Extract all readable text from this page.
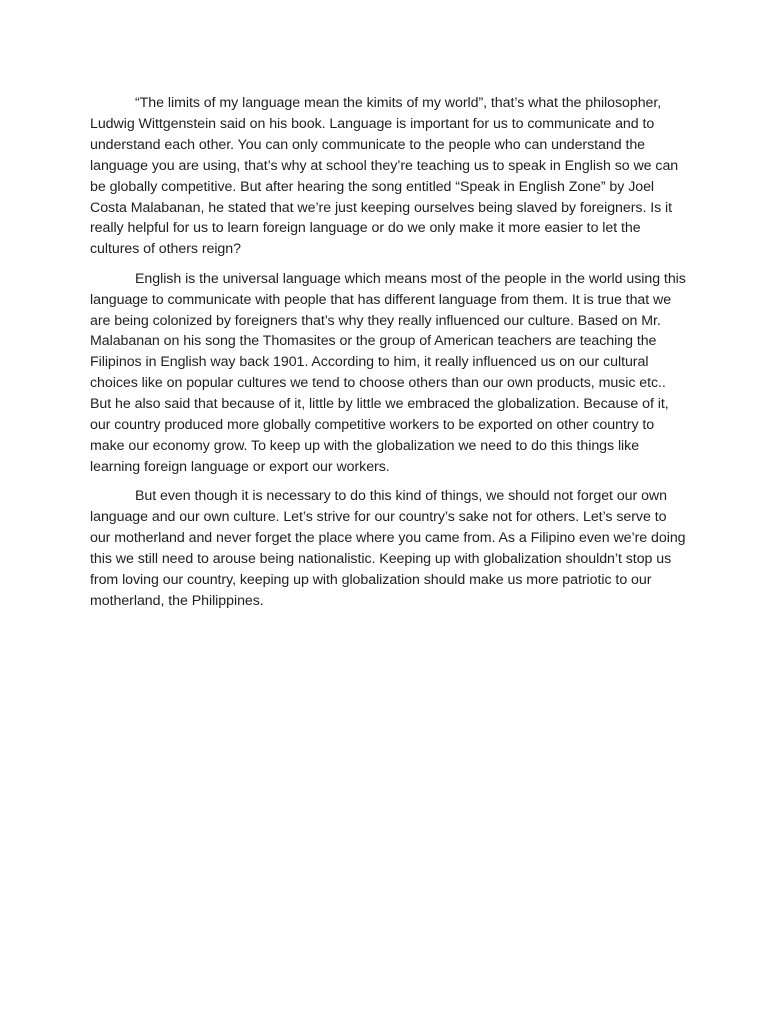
“The limits of my language mean the kimits of my world”, that’s what the philosopher, Ludwig Wittgenstein said on his book. Language is important for us to communicate and to understand each other. You can only communicate to the people who can understand the language you are using, that’s why at school they’re teaching us to speak in English so we can be globally competitive. But after hearing the song entitled “Speak in English Zone” by Joel Costa Malabanan, he stated that we’re just keeping ourselves being slaved by foreigners. Is it really helpful for us to learn foreign language or do we only make it more easier to let the cultures of others reign?

English is the universal language which means most of the people in the world using this language to communicate with people that has different language from them. It is true that we are being colonized by foreigners that’s why they really influenced our culture. Based on Mr. Malabanan on his song the Thomasites or the group of American teachers are teaching the Filipinos in English way back 1901. According to him, it really influenced us on our cultural choices like on popular cultures we tend to choose others than our own products, music etc.. But he also said that because of it, little by little we embraced the globalization. Because of it, our country produced more globally competitive workers to be exported on other country to make our economy grow. To keep up with the globalization we need to do this things like learning foreign language or export our workers.

But even though it is necessary to do this kind of things, we should not forget our own language and our own culture. Let’s strive for our country’s sake not for others. Let’s serve to our motherland and never forget the place where you came from. As a Filipino even we’re doing this we still need to arouse being nationalistic. Keeping up with globalization shouldn’t stop us from loving our country, keeping up with globalization should make us more patriotic to our motherland, the Philippines.
